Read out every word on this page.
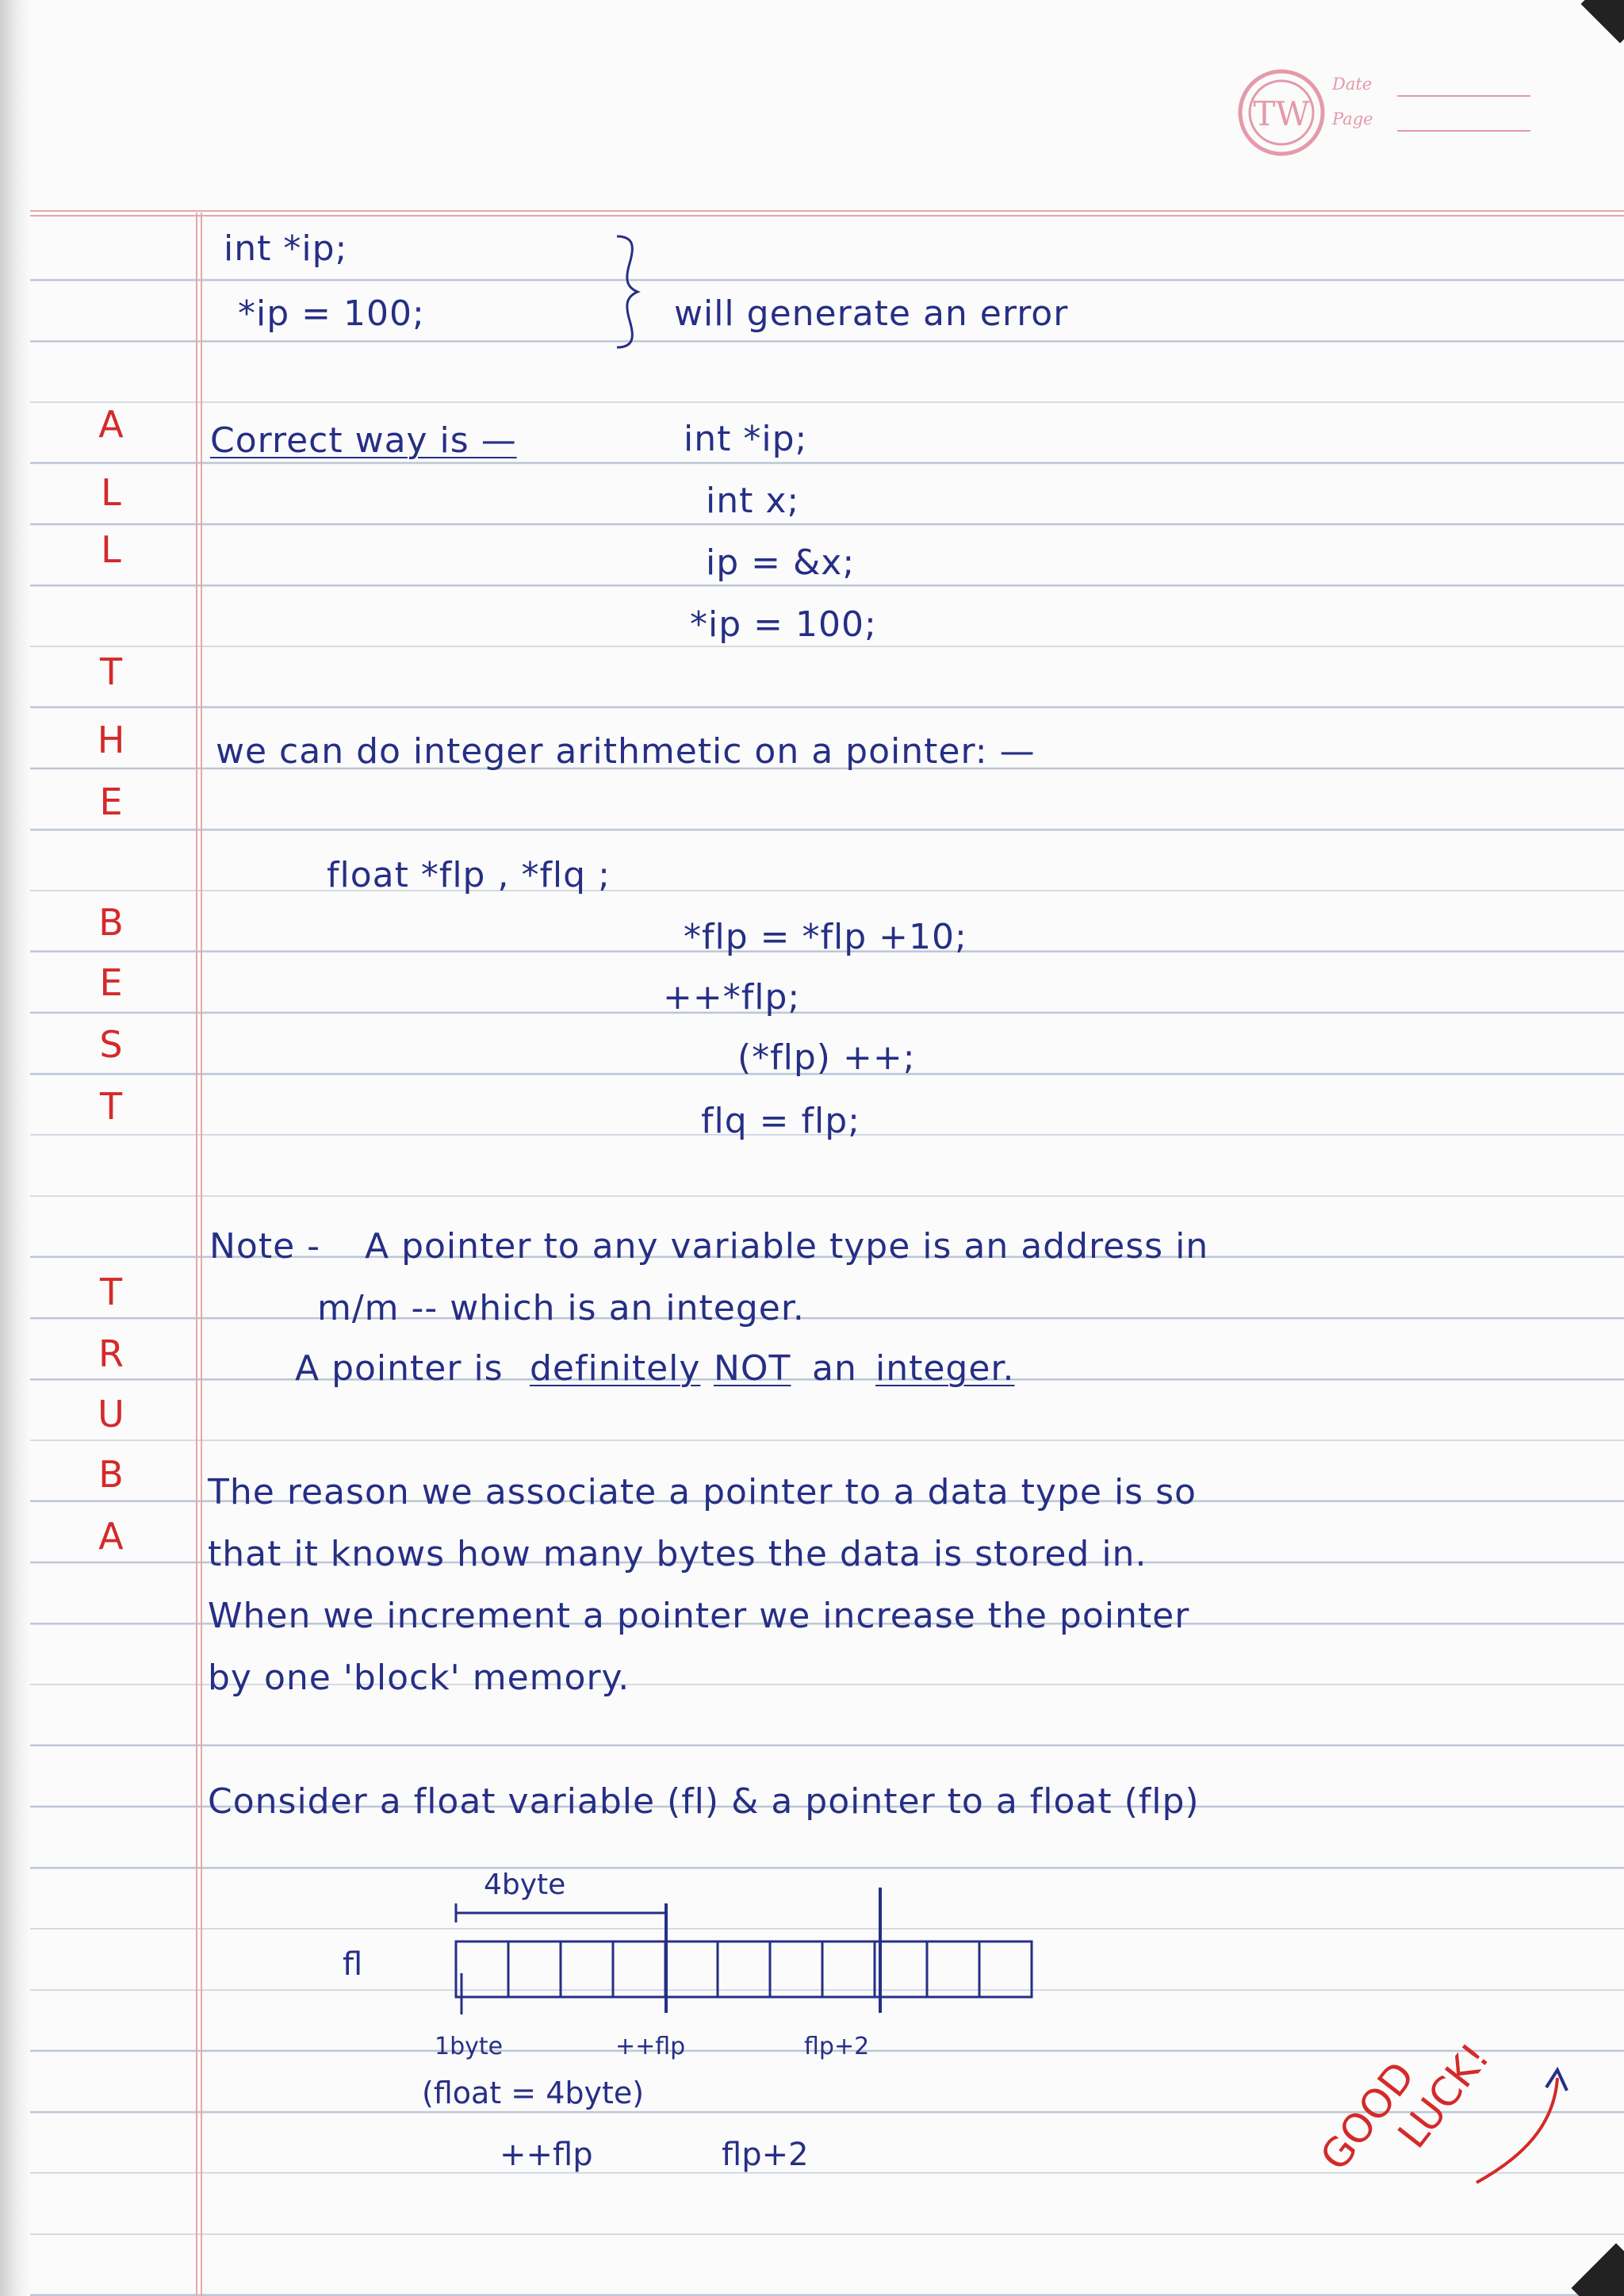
TW
Date
Page
A
L
L
T
H
E
B
E
S
T
T
R
U
B
A
int *ip;
*ip = 100;	will generate an error
Correct way is —	int *ip;
int x;
ip = &x;
*ip = 100;
we can do integer arithmetic on a pointer: —
float *flp , *flq ;
*flp = *flp +10;
++*flp;
(*flp) ++;
flq = flp;
Note - A pointer to any variable type is an address in
m/m -- which is an integer.
A pointer is definitely NOT an integer.
The reason we associate a pointer to a data type is so
that it knows how many bytes the data is stored in.
When we increment a pointer we increase the pointer
by one 'block' memory.
Consider a float variable (fl) & a pointer to a float (flp)
4byte
fl
1byte	++flp	flp+2
(float = 4byte)
++flp	flp+2	GOOD
LUCK!
